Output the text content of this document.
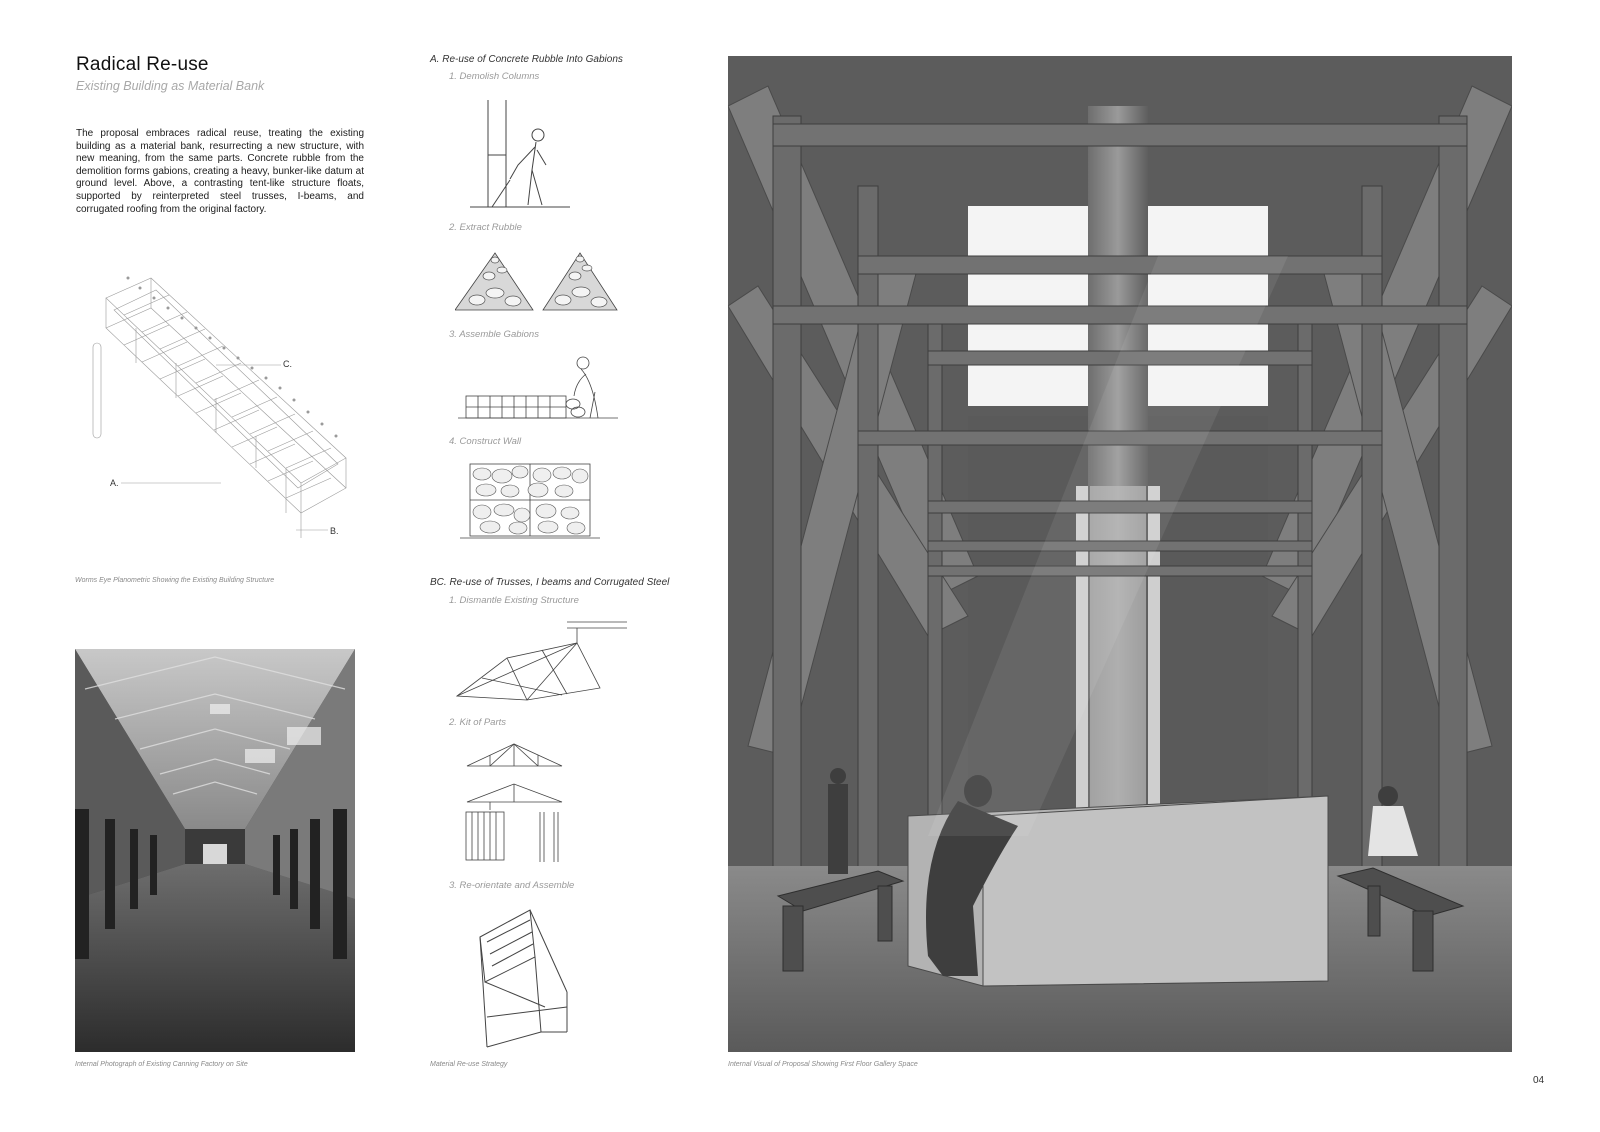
Radical Re-use
Existing Building as Material Bank
The proposal embraces radical reuse, treating the existing building as a material bank, resurrecting a new structure, with new meaning, from the same parts. Concrete rubble from the demolition forms gabions, creating a heavy, bunker-like datum at ground level. Above, a contrasting tent-like structure floats, supported by reinterpreted steel trusses, I-beams, and corrugated roofing from the original factory.
C.
A.
B.
Worms Eye Planometric Showing the Existing Building Structure
Internal Photograph of Existing Canning Factory on Site
A. Re-use of Concrete Rubble Into Gabions
1. Demolish Columns
2. Extract Rubble
3. Assemble Gabions
4. Construct Wall
BC. Re-use of Trusses, I beams and Corrugated Steel
1. Dismantle Existing Structure
2. Kit of Parts
3. Re-orientate and Assemble
Material Re-use Strategy	Internal Visual of Proposal Showing First Floor Gallery Space
04
